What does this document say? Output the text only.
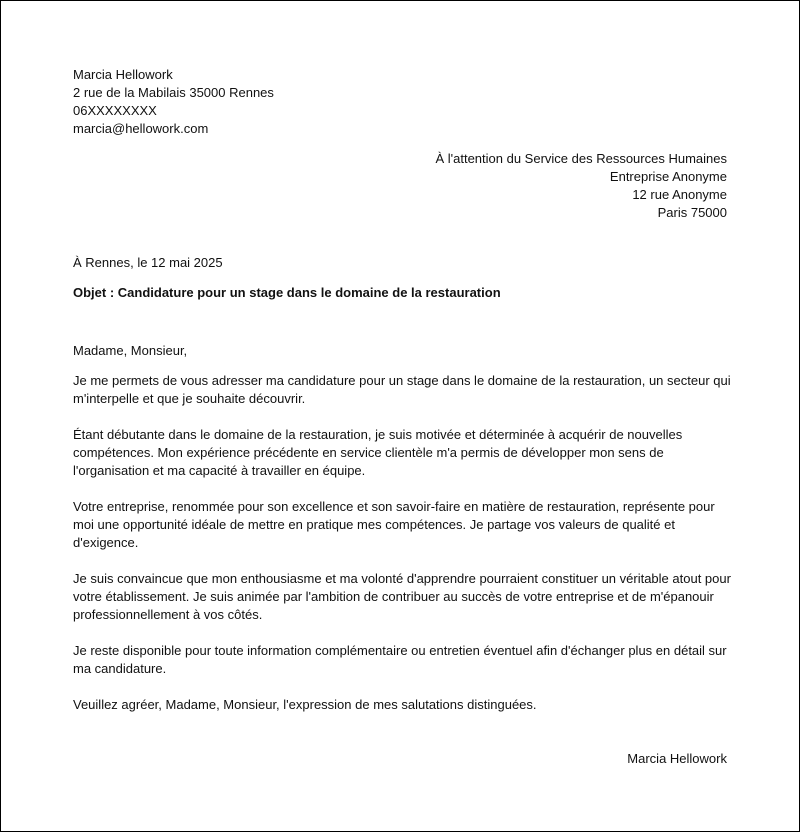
Marcia Hellowork
2 rue de la Mabilais 35000 Rennes
06XXXXXXXX
marcia@hellowork.com
À l'attention du Service des Ressources Humaines
Entreprise Anonyme
12 rue Anonyme
Paris 75000
À Rennes, le 12 mai 2025
Objet : Candidature pour un stage dans le domaine de la restauration
Madame, Monsieur,
Je me permets de vous adresser ma candidature pour un stage dans le domaine de la restauration, un secteur qui
m'interpelle et que je souhaite découvrir.
Étant débutante dans le domaine de la restauration, je suis motivée et déterminée à acquérir de nouvelles
compétences. Mon expérience précédente en service clientèle m'a permis de développer mon sens de
l'organisation et ma capacité à travailler en équipe.
Votre entreprise, renommée pour son excellence et son savoir-faire en matière de restauration, représente pour
moi une opportunité idéale de mettre en pratique mes compétences. Je partage vos valeurs de qualité et
d'exigence.
Je suis convaincue que mon enthousiasme et ma volonté d'apprendre pourraient constituer un véritable atout pour
votre établissement. Je suis animée par l'ambition de contribuer au succès de votre entreprise et de m'épanouir
professionnellement à vos côtés.
Je reste disponible pour toute information complémentaire ou entretien éventuel afin d'échanger plus en détail sur
ma candidature.
Veuillez agréer, Madame, Monsieur, l'expression de mes salutations distinguées.
Marcia Hellowork
